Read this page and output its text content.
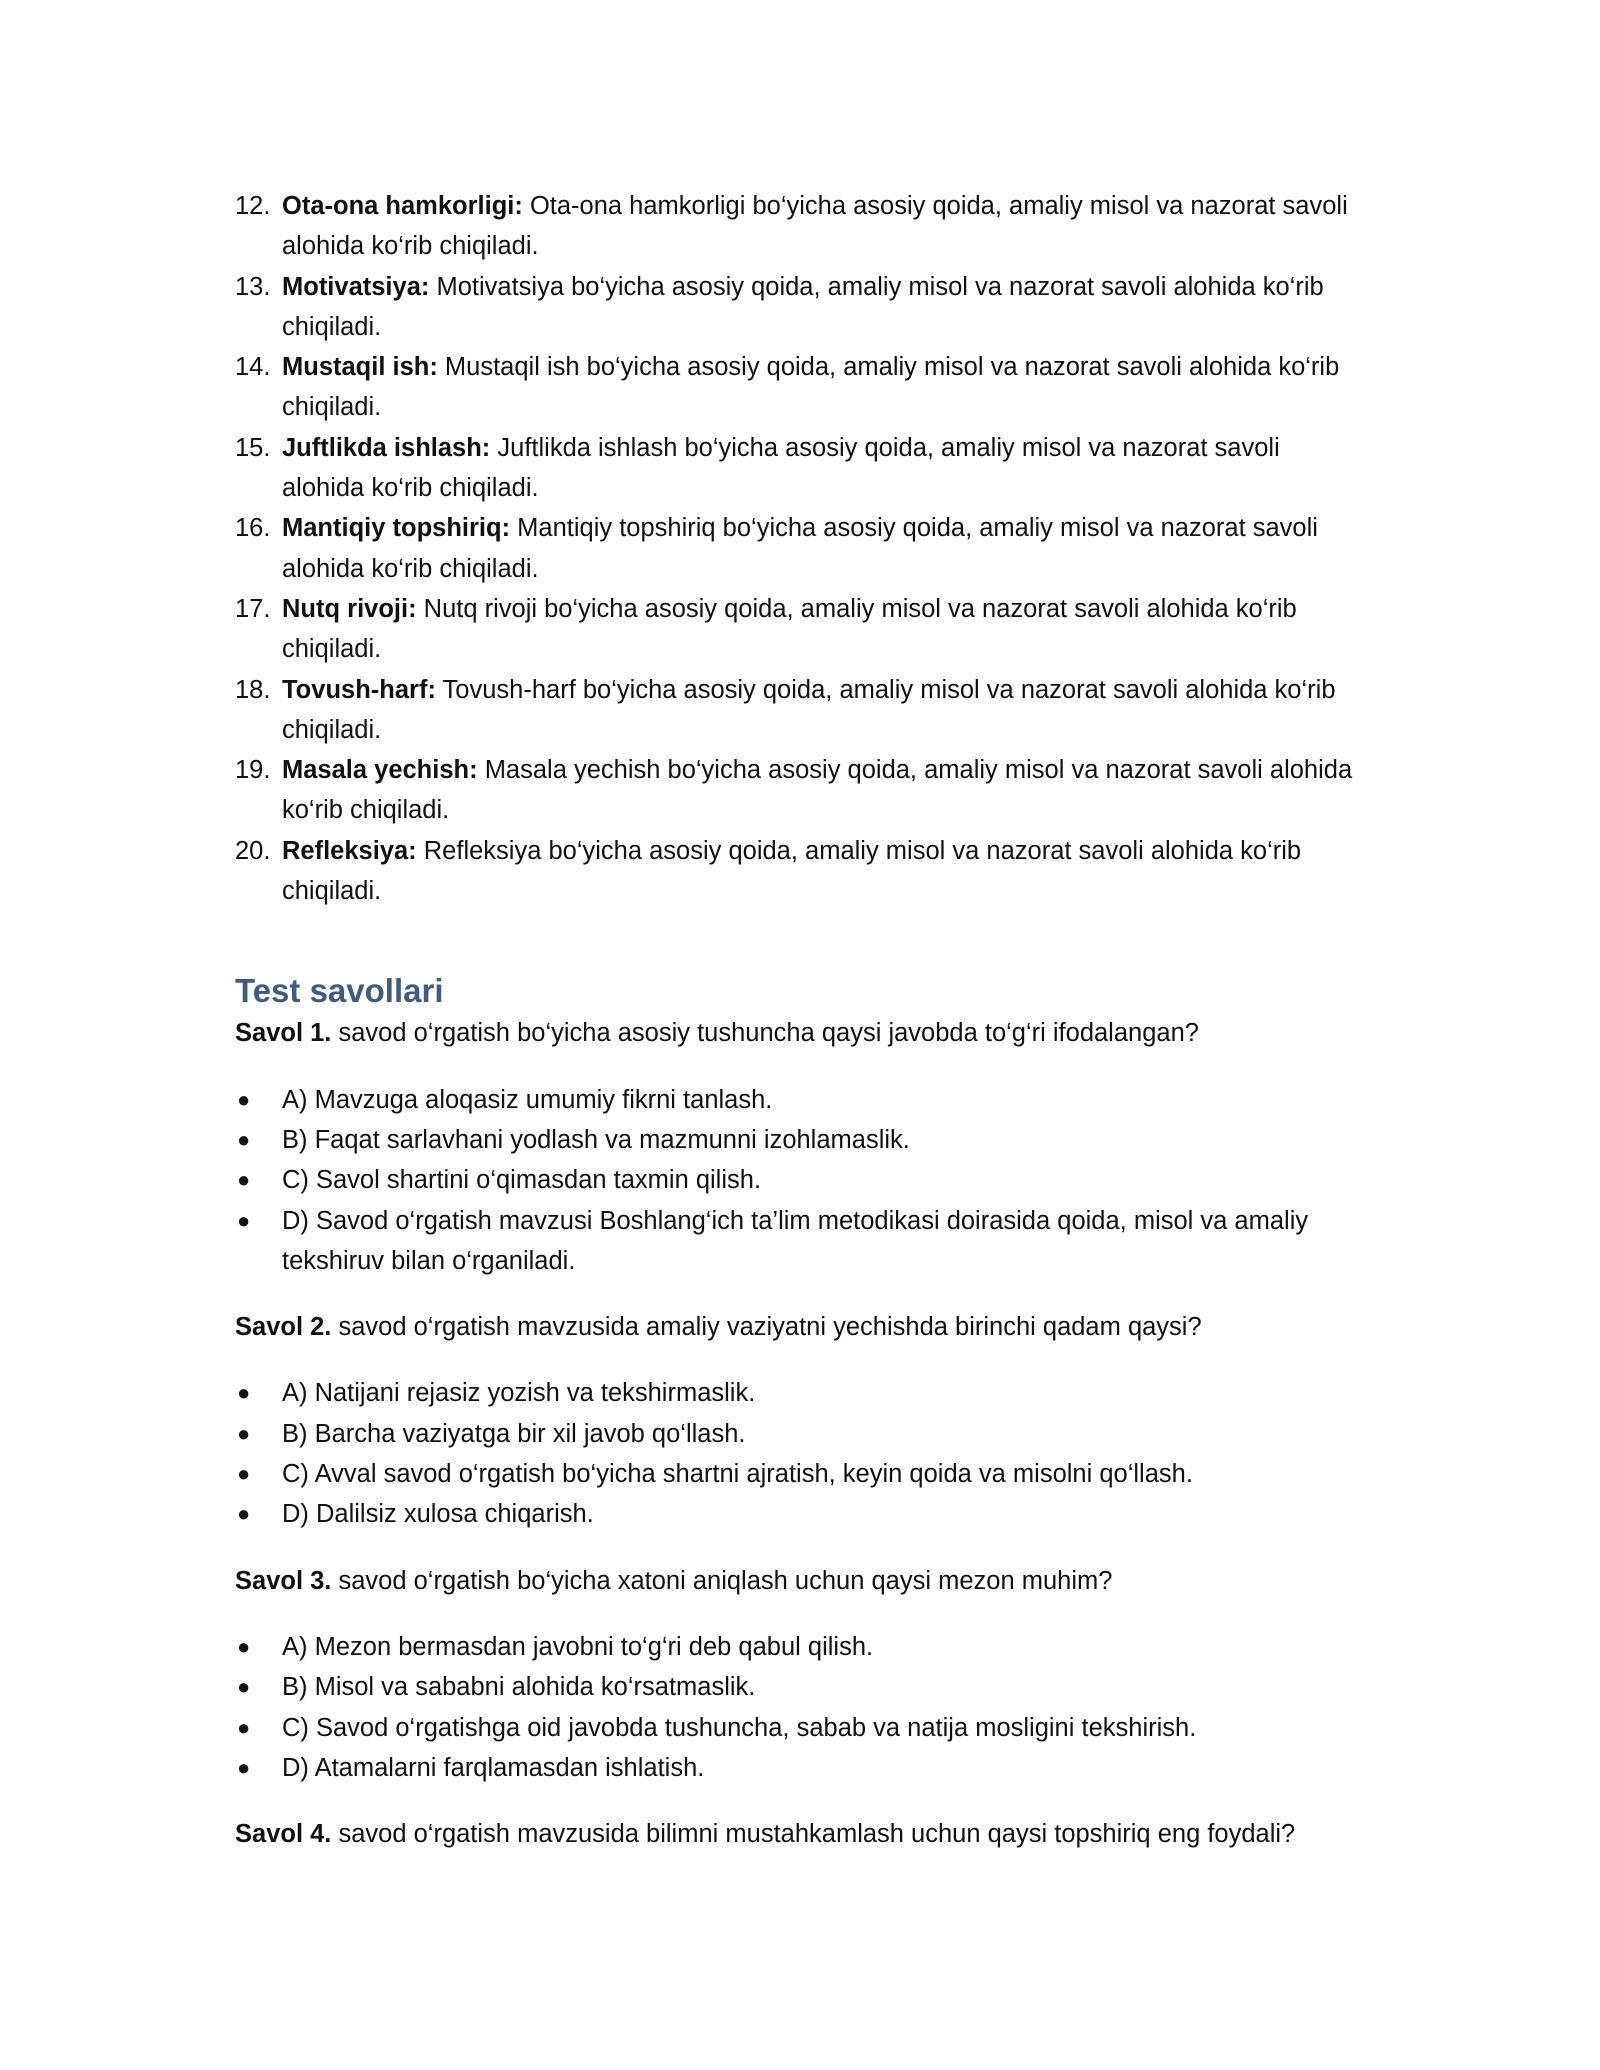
12. Ota-ona hamkorligi: Ota-ona hamkorligi bo‘yicha asosiy qoida, amaliy misol va nazorat savoli alohida ko‘rib chiqiladi.
13. Motivatsiya: Motivatsiya bo‘yicha asosiy qoida, amaliy misol va nazorat savoli alohida ko‘rib chiqiladi.
14. Mustaqil ish: Mustaqil ish bo‘yicha asosiy qoida, amaliy misol va nazorat savoli alohida ko‘rib chiqiladi.
15. Juftlikda ishlash: Juftlikda ishlash bo‘yicha asosiy qoida, amaliy misol va nazorat savoli alohida ko‘rib chiqiladi.
16. Mantiqiy topshiriq: Mantiqiy topshiriq bo‘yicha asosiy qoida, amaliy misol va nazorat savoli alohida ko‘rib chiqiladi.
17. Nutq rivoji: Nutq rivoji bo‘yicha asosiy qoida, amaliy misol va nazorat savoli alohida ko‘rib chiqiladi.
18. Tovush-harf: Tovush-harf bo‘yicha asosiy qoida, amaliy misol va nazorat savoli alohida ko‘rib chiqiladi.
19. Masala yechish: Masala yechish bo‘yicha asosiy qoida, amaliy misol va nazorat savoli alohida ko‘rib chiqiladi.
20. Refleksiya: Refleksiya bo‘yicha asosiy qoida, amaliy misol va nazorat savoli alohida ko‘rib chiqiladi.
Test savollari
Savol 1. savod o‘rgatish bo‘yicha asosiy tushuncha qaysi javobda to‘g‘ri ifodalangan?
● A) Mavzuga aloqasiz umumiy fikrni tanlash.
● B) Faqat sarlavhani yodlash va mazmunni izohlamaslik.
● C) Savol shartini o‘qimasdan taxmin qilish.
● D) Savod o‘rgatish mavzusi Boshlang‘ich ta’lim metodikasi doirasida qoida, misol va amaliy tekshiruv bilan o‘rganiladi.
Savol 2. savod o‘rgatish mavzusida amaliy vaziyatni yechishda birinchi qadam qaysi?
● A) Natijani rejasiz yozish va tekshirmaslik.
● B) Barcha vaziyatga bir xil javob qo‘llash.
● C) Avval savod o‘rgatish bo‘yicha shartni ajratish, keyin qoida va misolni qo‘llash.
● D) Dalilsiz xulosa chiqarish.
Savol 3. savod o‘rgatish bo‘yicha xatoni aniqlash uchun qaysi mezon muhim?
● A) Mezon bermasdan javobni to‘g‘ri deb qabul qilish.
● B) Misol va sababni alohida ko‘rsatmaslik.
● C) Savod o‘rgatishga oid javobda tushuncha, sabab va natija mosligini tekshirish.
● D) Atamalarni farqlamasdan ishlatish.
Savol 4. savod o‘rgatish mavzusida bilimni mustahkamlash uchun qaysi topshiriq eng foydali?
